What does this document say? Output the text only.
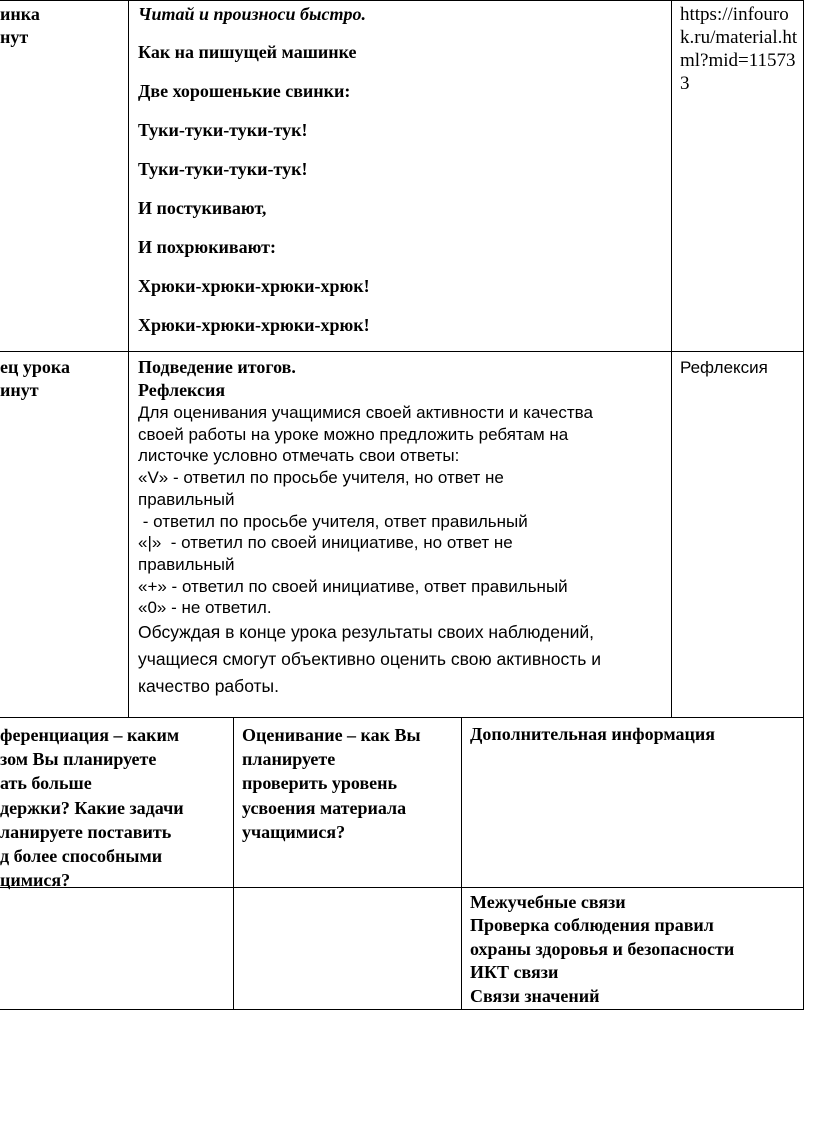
инка
нут
Читай и произноси быстро.
Как на пишущей машинке
Две хорошенькие свинки:
Туки-туки-туки-тук!
Туки-туки-туки-тук!
И постукивают,
И похрюкивают:
Хрюки-хрюки-хрюки-хрюк!
Хрюки-хрюки-хрюки-хрюк!
https://infourok.ru/material.html?mid=115733
ец урока
инут
Подведение итогов.
Рефлексия
Для оценивания учащимися своей активности и качества
своей работы на уроке можно предложить ребятам на
листочке условно отмечать свои ответы:
«V» - ответил по просьбе учителя, но ответ не
правильный
- ответил по просьбе учителя, ответ правильный
«|»  - ответил по своей инициативе, но ответ не
правильный
«+» - ответил по своей инициативе, ответ правильный
«0» - не ответил.
Обсуждая в конце урока результаты своих наблюдений,
учащиеся смогут объективно оценить свою активность и
качество работы.
Рефлексия
ференциация – каким
зом Вы планируете
ать больше
держки? Какие задачи
ланируете поставить
д более способными
цимися?
Оценивание – как Вы
планируете
проверить уровень
усвоения материала
учащимися?
Дополнительная информация
Межучебные связи
Проверка соблюдения правил
охраны здоровья и безопасности
ИКТ связи
Связи значений
